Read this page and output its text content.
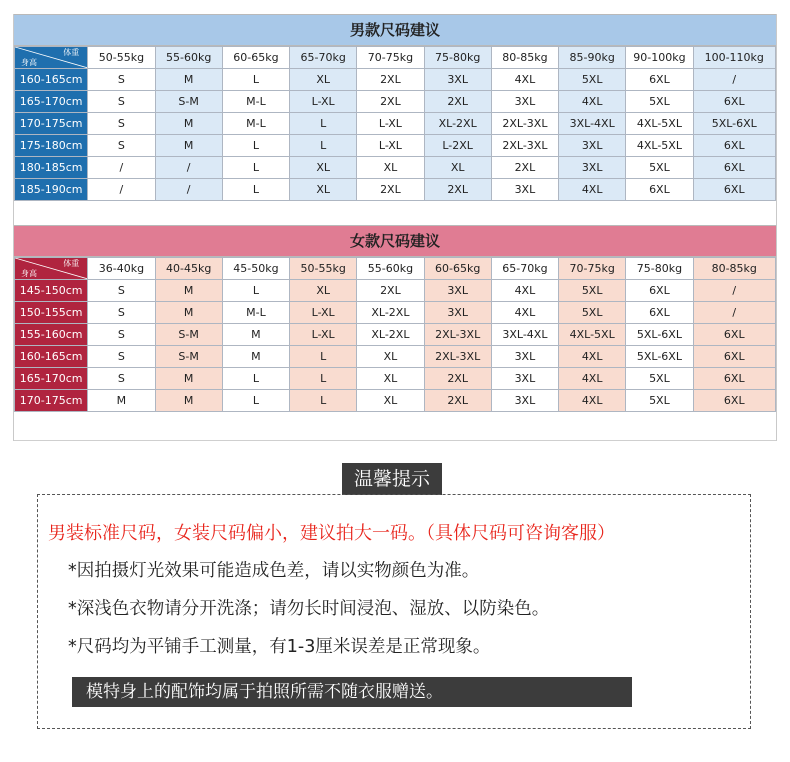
男款尺码建议
体重
身高	50-55kg	55-60kg	60-65kg	65-70kg	70-75kg	75-80kg	80-85kg	85-90kg	90-100kg	100-110kg
160-165cm	S	M	L	XL	2XL	3XL	4XL	5XL	6XL	/
165-170cm	S	S-M	M-L	L-XL	2XL	2XL	3XL	4XL	5XL	6XL
170-175cm	S	M	M-L	L	L-XL	XL-2XL	2XL-3XL	3XL-4XL	4XL-5XL	5XL-6XL
175-180cm	S	M	L	L	L-XL	L-2XL	2XL-3XL	3XL	4XL-5XL	6XL
180-185cm	/	/	L	XL	XL	XL	2XL	3XL	5XL	6XL
185-190cm	/	/	L	XL	2XL	2XL	3XL	4XL	6XL	6XL
女款尺码建议
体重
身高	36-40kg	40-45kg	45-50kg	50-55kg	55-60kg	60-65kg	65-70kg	70-75kg	75-80kg	80-85kg
145-150cm	S	M	L	XL	2XL	3XL	4XL	5XL	6XL	/
150-155cm	S	M	M-L	L-XL	XL-2XL	3XL	4XL	5XL	6XL	/
155-160cm	S	S-M	M	L-XL	XL-2XL	2XL-3XL	3XL-4XL	4XL-5XL	5XL-6XL	6XL
160-165cm	S	S-M	M	L	XL	2XL-3XL	3XL	4XL	5XL-6XL	6XL
165-170cm	S	M	L	L	XL	2XL	3XL	4XL	5XL	6XL
170-175cm	M	M	L	L	XL	2XL	3XL	4XL	5XL	6XL
温馨提示
男装标准尺码，女装尺码偏小，建议拍大一码。（具体尺码可咨询客服）
*因拍摄灯光效果可能造成色差，请以实物颜色为准。
*深浅色衣物请分开洗涤；请勿长时间浸泡、湿放、以防染色。
*尺码均为平铺手工测量，有1-3厘米误差是正常现象。
模特身上的配饰均属于拍照所需不随衣服赠送。
